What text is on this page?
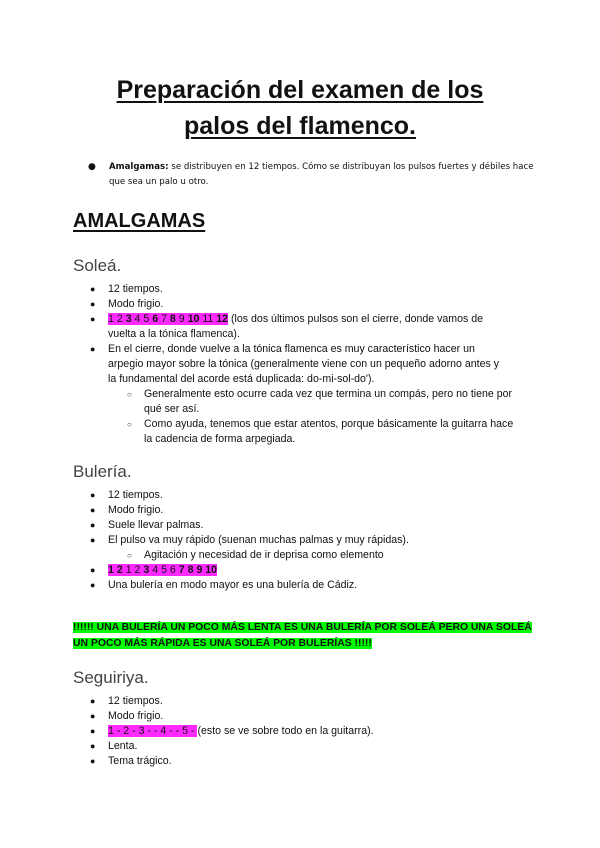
Preparación del examen de los
palos del flamenco.
● Amalgamas: se distribuyen en 12 tiempos. Cómo se distribuyan los pulsos fuertes y débiles hace que sea un palo u otro.
AMALGAMAS
Soleá.
● 12 tiempos.
● Modo frigio.
● 1 2 3 4 5 6 7 8 9 10 11 12 (los dos últimos pulsos son el cierre, donde vamos de vuelta a la tónica flamenca).
● En el cierre, donde vuelve a la tónica flamenca es muy característico hacer un arpegio mayor sobre la tónica (generalmente viene con un pequeño adorno antes y la fundamental del acorde está duplicada: do-mi-sol-do').
○ Generalmente esto ocurre cada vez que termina un compás, pero no tiene por qué ser así.
○ Como ayuda, tenemos que estar atentos, porque básicamente la guitarra hace la cadencia de forma arpegiada.
Bulería.
● 12 tiempos.
● Modo frigio.
● Suele llevar palmas.
● El pulso va muy rápido (suenan muchas palmas y muy rápidas).
○ Agitación y necesidad de ir deprisa como elemento
● 1 2 1 2 3 4 5 6 7 8 9 10
● Una bulería en modo mayor es una bulería de Cádiz.
!!!!!! UNA BULERÍA UN POCO MÁS LENTA ES UNA BULERÍA POR SOLEÁ PERO UNA SOLEÁ UN POCO MÁS RÁPIDA ES UNA SOLEÁ POR BULERÍAS !!!!!
Seguiriya.
● 12 tiempos.
● Modo frigio.
● 1 - 2 - 3 - - 4 - - 5 - (esto se ve sobre todo en la guitarra).
● Lenta.
● Tema trágico.
